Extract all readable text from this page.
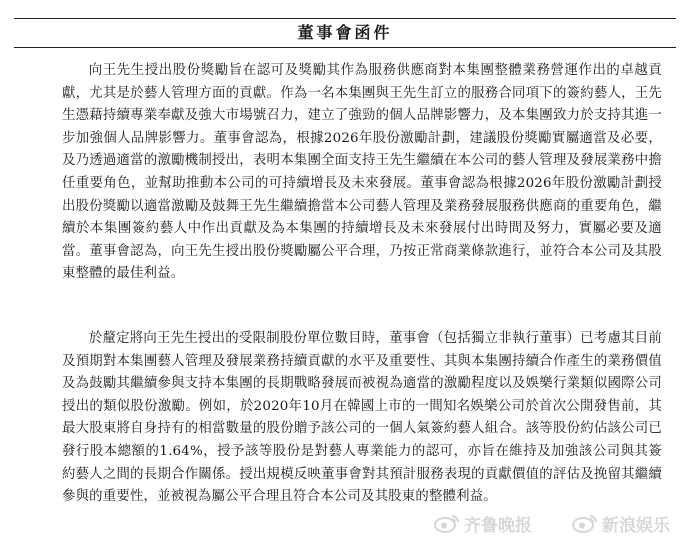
董事會函件

向王先生授出股份獎勵旨在認可及獎勵其作為服務供應商對本集團整體業務營運作出的卓越貢獻，尤其是於藝人管理方面的貢獻。作為一名本集團與王先生訂立的服務合同項下的簽約藝人，王先生憑藉持續專業奉獻及強大市場號召力，建立了強勁的個人品牌影響力，及本集團致力於支持其進一步加強個人品牌影響力。董事會認為，根據2026年股份激勵計劃，建議股份獎勵實屬適當及必要，及乃透過適當的激勵機制授出，表明本集團全面支持王先生繼續在本公司的藝人管理及發展業務中擔任重要角色，並幫助推動本公司的可持續增長及未來發展。董事會認為根據2026年股份激勵計劃授出股份獎勵以適當激勵及鼓舞王先生繼續擔當本公司藝人管理及業務發展服務供應商的重要角色，繼續於本集團簽約藝人中作出貢獻及為本集團的持續增長及未來發展付出時間及努力，實屬必要及適當。董事會認為，向王先生授出股份獎勵屬公平合理，乃按正常商業條款進行，並符合本公司及其股東整體的最佳利益。

於釐定將向王先生授出的受限制股份單位數目時，董事會（包括獨立非執行董事）已考慮其目前及預期對本集團藝人管理及發展業務持續貢獻的水平及重要性、其與本集團持續合作產生的業務價值及為鼓勵其繼續參與支持本集團的長期戰略發展而被視為適當的激勵程度以及娛樂行業類似國際公司授出的類似股份激勵。例如，於2020年10月在韓國上市的一間知名娛樂公司於首次公開發售前，其最大股東將自身持有的相當數量的股份贈予該公司的一個人氣簽約藝人組合。該等股份約佔該公司已發行股本總額的1.64%，授予該等股份是對藝人專業能力的認可，亦旨在維持及加強該公司與其簽約藝人之間的長期合作關係。授出規模反映董事會對其預計服務表現的貢獻價值的評估及挽留其繼續參與的重要性，並被視為屬公平合理且符合本公司及其股東的整體利益。

齐鲁晚报	新浪娱乐
